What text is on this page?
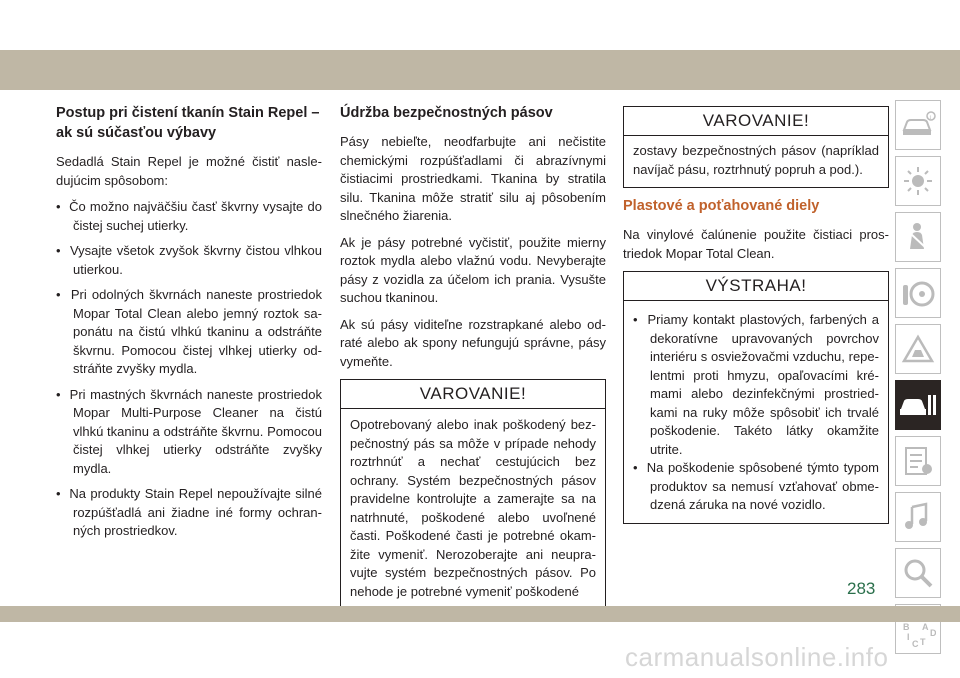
Postup pri čistení tkanín Stain Repel – ak sú súčasťou výbavy

Sedadlá Stain Repel je možné čistiť nasledujúcim spôsobom:

•  Čo možno najväčšiu časť škvrny vysajte do čistej suchej utierky.
•  Vysajte všetok zvyšok škvrny čistou vlhkou utierkou.
•  Pri odolných škvrnách naneste prostriedok Mopar Total Clean alebo jemný roztok saponátu na čistú vlhkú tkaninu a odstráňte škvrnu. Pomocou čistej vlhkej utierky odstráňte zvyšky mydla.
•  Pri mastných škvrnách naneste prostriedok Mopar Multi-Purpose Cleaner na čistú vlhkú tkaninu a odstráňte škvrnu. Pomocou čistej vlhkej utierky odstráňte zvyšky mydla.
•  Na produkty Stain Repel nepoužívajte silné rozpúšťadlá ani žiadne iné formy ochranných prostriedkov.
Údržba bezpečnostných pásov

Pásy nebieľte, neodfarbujte ani nečistite chemickými rozpúšťadlami či abrazívnymi čistiacimi prostriedkami. Tkanina by stratila silu. Tkanina môže stratiť silu aj pôsobením slnečného žiarenia.

Ak je pásy potrebné vyčistiť, použite mierny roztok mydla alebo vlažnú vodu. Nevyberajte pásy z vozidla za účelom ich prania. Vysušte suchou tkaninou.

Ak sú pásy viditeľne rozstrapkané alebo odraté alebo ak spony nefungujú správne, pásy vymeňte.

VAROVANIE!

Opotrebovaný alebo inak poškodený bezpečnostný pás sa môže v prípade nehody roztrhnúť a nechať cestujúcich bez ochrany. Systém bezpečnostných pásov pravidelne kontrolujte a zamerajte sa na natrhnuté, poškodené alebo uvoľnené časti. Poškodené časti je potrebné okamžite vymeniť. Nerozoberajte ani neupravujte systém bezpečnostných pásov. Po nehode je potrebné vymeniť poškodené

VAROVANIE!

zostavy bezpečnostných pásov (napríklad navíjač pásu, roztrhnutý popruh a pod.).

Plastové a poťahované diely

Na vinylové čalúnenie použite čistiaci prostriedok Mopar Total Clean.

VÝSTRAHA!
•  Priamy kontakt plastových, farbených a dekoratívne upravovaných povrchov interiéru s osviežovačmi vzduchu, repelentmi proti hmyzu, opaľovacími krémami alebo dezinfekčnými prostriedkami na ruky môže spôsobiť ich trvalé poškodenie. Takéto látky okamžite utrite.
•  Na poškodenie spôsobené týmto typom produktov sa nemusí vzťahovať obmedzená záruka na nové vozidlo.
i
B A
D
I
C T
283
carmanualsonline.info
